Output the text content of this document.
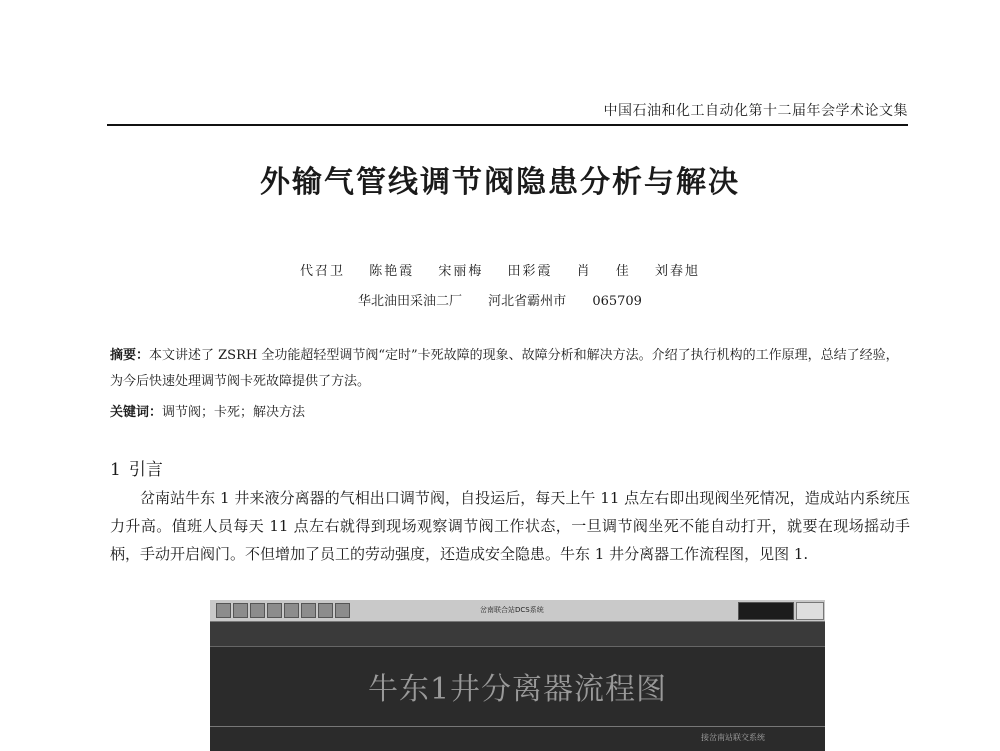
中国石油和化工自动化第十二届年会学术论文集
外输气管线调节阀隐患分析与解决
代召卫 陈艳霞 宋丽梅 田彩霞 肖 佳 刘春旭
华北油田采油二厂 河北省霸州市 065709
摘要：本文讲述了 ZSRH 全功能超轻型调节阀“定时”卡死故障的现象、故障分析和解决方法。介绍了执行机构的工作原理，总结了经验，为今后快速处理调节阀卡死故障提供了方法。
关键词：调节阀；卡死；解决方法
1 引言
岔南站牛东 1 井来液分离器的气相出口调节阀，自投运后，每天上午 11 点左右即出现阀坐死情况，造成站内系统压力升高。值班人员每天 11 点左右就得到现场观察调节阀工作状态，一旦调节阀坐死不能自动打开，就要在现场摇动手柄，手动开启阀门。不但增加了员工的劳动强度，还造成安全隐患。牛东 1 井分离器工作流程图，见图 1.
岔南联合站DCS系统
牛东1井分离器流程图
接岔南站联交系统
